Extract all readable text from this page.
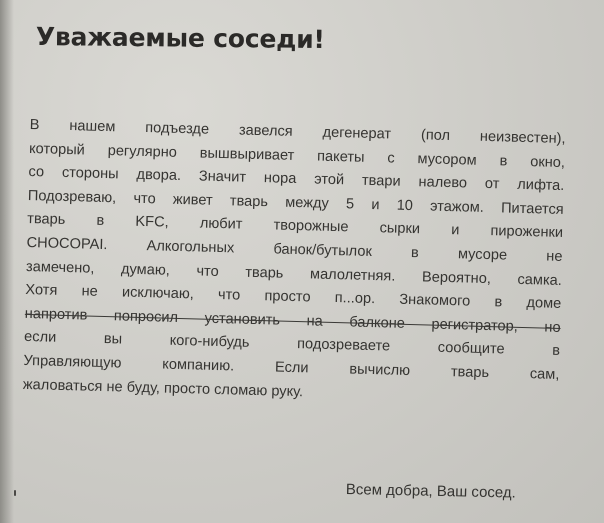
Уважаемые соседи!
В нашем подъезде завелся дегенерат (пол неизвестен),
который регулярно вышвыривает пакеты с мусором в окно,
со стороны двора. Значит нора этой твари налево от лифта.
Подозреваю, что живет тварь между 5 и 10 этажом. Питается
тварь в KFC, любит творожные сырки и пироженки
CHOCOPAI. Алкогольных банок/бутылок в мусоре не
замечено, думаю, что тварь малолетняя. Вероятно, самка.
Хотя не исключаю, что просто п...ор. Знакомого в доме
напротив попросил установить на балконе регистратор, но
если вы кого-нибудь подозреваете сообщите в
Управляющую компанию. Если вычислю тварь сам,
жаловаться не буду, просто сломаю руку.
Всем добра, Ваш сосед.
